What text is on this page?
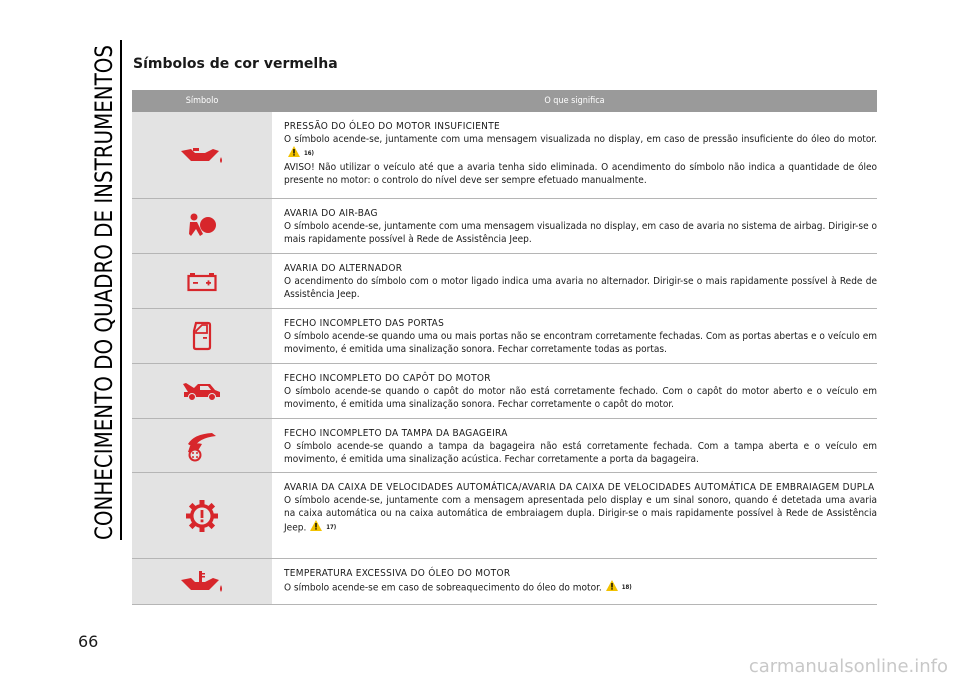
CONHECIMENTO DO QUADRO DE INSTRUMENTOS Símbolos de cor vermelha
Símbolo	O que significa
PRESSÃO DO ÓLEO DO MOTOR INSUFICIENTE

O símbolo acende-se, juntamente com uma mensagem visualizada no display, em caso de pressão insuficiente do óleo do motor.16)

AVISO! Não utilizar o veículo até que a avaria tenha sido eliminada. O acendimento do símbolo não indica a quantidade de óleo presente no motor: o controlo do nível deve ser sempre efetuado manualmente.

AVARIA DO AIR-BAG

O símbolo acende-se, juntamente com uma mensagem visualizada no display, em caso de avaria no sistema de airbag. Dirigir-se o mais rapidamente possível à Rede de Assistência Jeep.

AVARIA DO ALTERNADOR

O acendimento do símbolo com o motor ligado indica uma avaria no alternador. Dirigir-se o mais rapidamente possível à Rede de Assistência Jeep.

FECHO INCOMPLETO DAS PORTAS

O símbolo acende-se quando uma ou mais portas não se encontram corretamente fechadas. Com as portas abertas e o veículo em movimento, é emitida uma sinalização sonora. Fechar corretamente todas as portas.

FECHO INCOMPLETO DO CAPÔT DO MOTOR

O símbolo acende-se quando o capôt do motor não está corretamente fechado. Com o capôt do motor aberto e o veículo em movimento, é emitida uma sinalização sonora. Fechar corretamente o capôt do motor.

FECHO INCOMPLETO DA TAMPA DA BAGAGEIRA

O símbolo acende-se quando a tampa da bagageira não está corretamente fechada. Com a tampa aberta e o veículo em movimento, é emitida uma sinalização acústica. Fechar corretamente a porta da bagageira.

AVARIA DA CAIXA DE VELOCIDADES AUTOMÁTICA/AVARIA DA CAIXA DE VELOCIDADES AUTOMÁTICA DE EMBRAIAGEM DUPLA

O símbolo acende-se, juntamente com a mensagem apresentada pelo display e um sinal sonoro, quando é detetada uma avaria na caixa automática ou na caixa automática de embraiagem dupla. Dirigir-se o mais rapidamente possível à Rede de Assistência Jeep.	17)

TEMPERATURA EXCESSIVA DO ÓLEO DO MOTOR

O símbolo acende-se em caso de sobreaquecimento do óleo do motor.	18)

66
carmanualsonline.info
